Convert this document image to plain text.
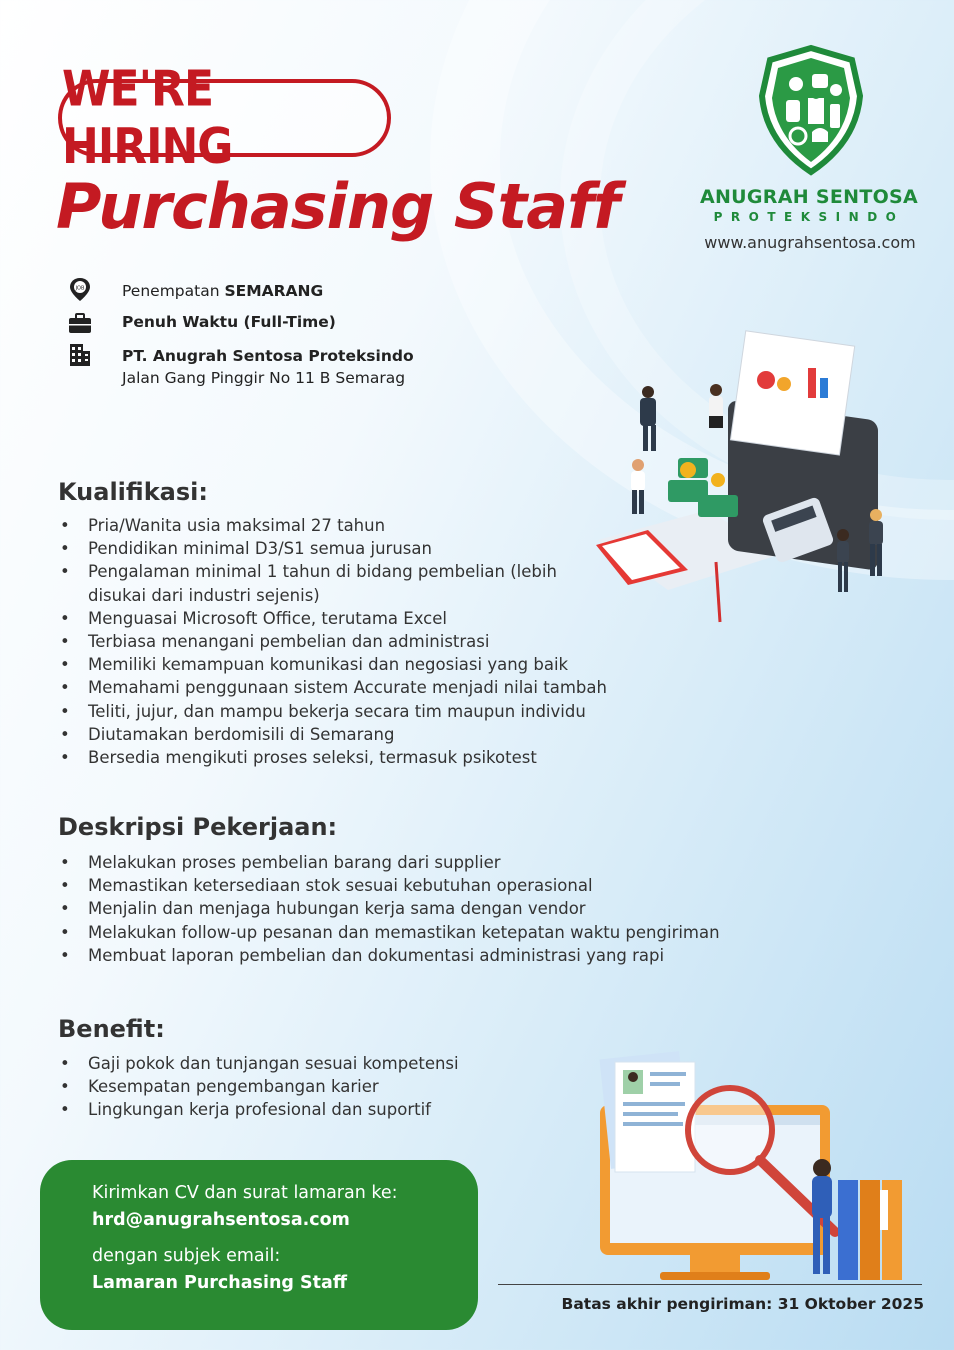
WE'RE HIRING
Purchasing Staff	ANUGRAH SENTOSA
PROTEKSINDO
www.anugrahsentosa.com
JOB Penempatan SEMARANG
Penuh Waktu (Full-Time)
PT. Anugrah Sentosa Proteksindo
Jalan Gang Pinggir No 11 B Semarag
Kualifikasi:
• Pria/Wanita usia maksimal 27 tahun
• Pendidikan minimal D3/S1 semua jurusan
• Pengalaman minimal 1 tahun di bidang pembelian (lebih
disukai dari industri sejenis)
• Menguasai Microsoft Office, terutama Excel
• Terbiasa menangani pembelian dan administrasi
• Memiliki kemampuan komunikasi dan negosiasi yang baik
• Memahami penggunaan sistem Accurate menjadi nilai tambah
• Teliti, jujur, dan mampu bekerja secara tim maupun individu
• Diutamakan berdomisili di Semarang
• Bersedia mengikuti proses seleksi, termasuk psikotest
Deskripsi Pekerjaan:
• Melakukan proses pembelian barang dari supplier
• Memastikan ketersediaan stok sesuai kebutuhan operasional
• Menjalin dan menjaga hubungan kerja sama dengan vendor
• Melakukan follow-up pesanan dan memastikan ketepatan waktu pengiriman
• Membuat laporan pembelian dan dokumentasi administrasi yang rapi
Benefit:
• Gaji pokok dan tunjangan sesuai kompetensi
• Kesempatan pengembangan karier
• Lingkungan kerja profesional dan suportif
Kirimkan CV dan surat lamaran ke:
hrd@anugrahsentosa.com
dengan subjek email:
Lamaran Purchasing Staff
Batas akhir pengiriman: 31 Oktober 2025
